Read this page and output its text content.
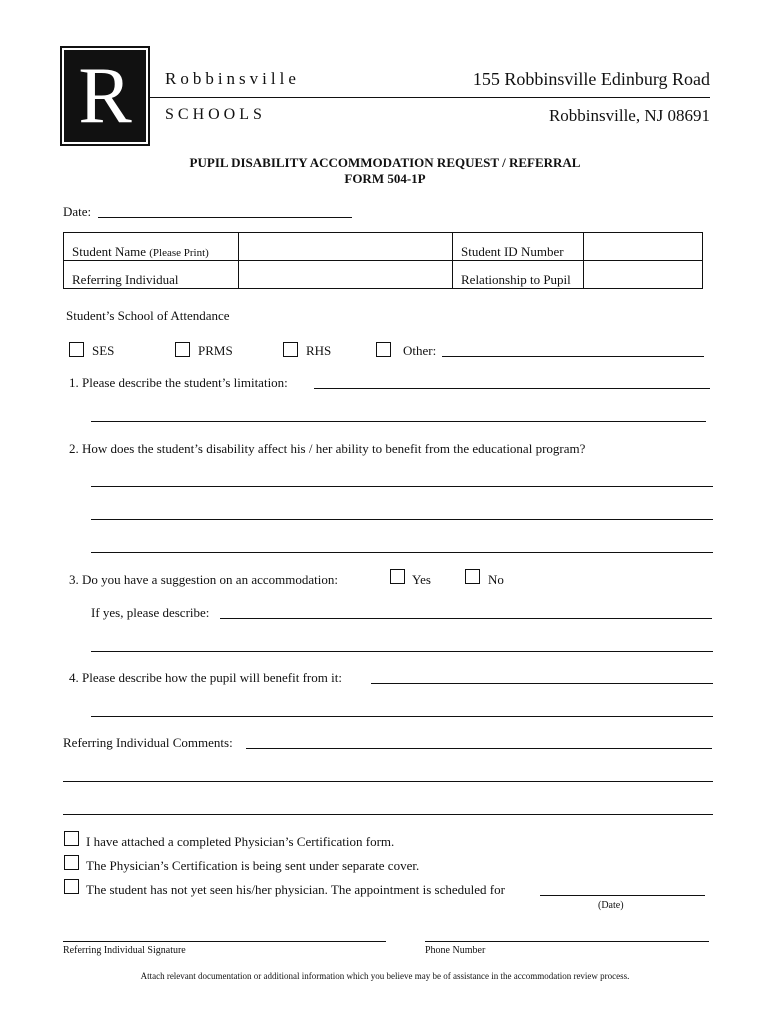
R	Robbinsville
SCHOOLS
155 Robbinsville Edinburg Road
Robbinsville, NJ 08691
PUPIL DISABILITY ACCOMMODATION REQUEST / REFERRAL
FORM 504-1P
Date:
Student Name (Please Print)		Student ID Number	
Referring Individual		Relationship to Pupil	
Student’s School of Attendance
SES	PRMS	RHS	Other:
1. Please describe the student’s limitation:
2. How does the student’s disability affect his / her ability to benefit from the educational program?
3. Do you have a suggestion on an accommodation:	Yes	No
If yes, please describe:
4. Please describe how the pupil will benefit from it:
Referring Individual Comments:
I have attached a completed Physician’s Certification form.
The Physician’s Certification is being sent under separate cover.
The student has not yet seen his/her physician. The appointment is scheduled for
(Date)
Referring Individual Signature	Phone Number
Attach relevant documentation or additional information which you believe may be of assistance in the accommodation review process.
